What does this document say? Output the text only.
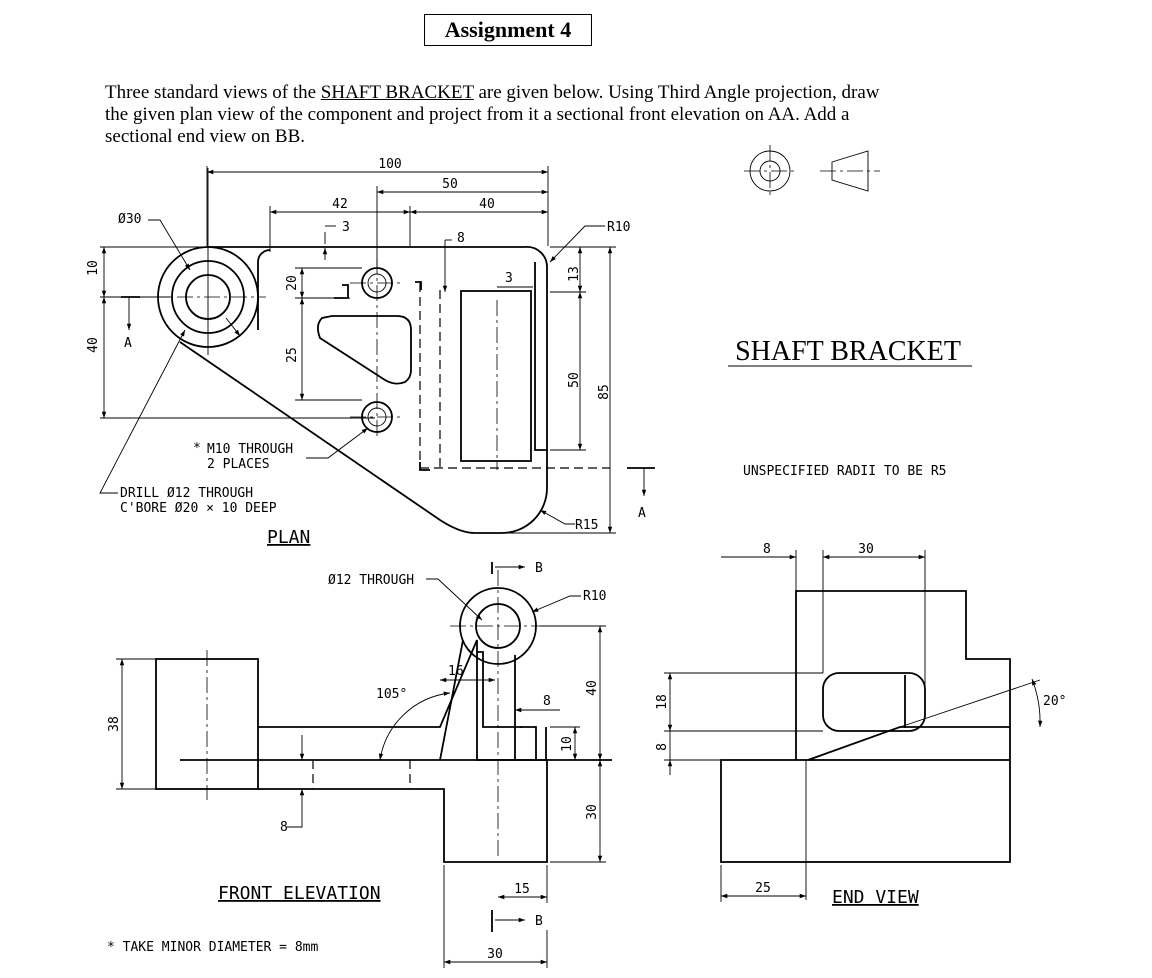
Assignment 4
Three standard views of the SHAFT BRACKET are given below. Using Third Angle projection, draw the given plan view of the component and project from it a sectional front elevation on AA. Add a sectional end view on BB.
SHAFT BRACKET
UNSPECIFIED RADII TO BE R5
A
A
100
50
40
42
3
8
3	13
50
85
10
40
20
25
Ø30
R10
R15
* M10 THROUGH
2 PLACES
DRILL Ø12 THROUGH
C'BORE Ø20 × 10 DEEP
PLAN
B
B
Ø12 THROUGH
R10
16
105°	8
40
30
10
38
8
15
30
FRONT ELEVATION
8	30
18
8
20°
25	END VIEW
* TAKE MINOR DIAMETER = 8mm
